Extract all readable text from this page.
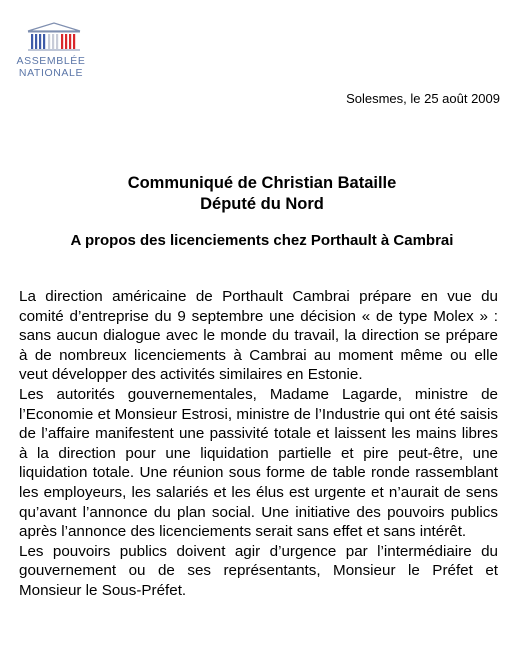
ASSEMBLÉE
NATIONALE
Solesmes, le 25 août 2009
Communiqué de Christian Bataille
Député du Nord
A propos des licenciements chez Porthault à Cambrai

La direction américaine de Porthault Cambrai prépare en vue du comité d’entreprise du 9 septembre une décision « de type Molex » : sans aucun dialogue avec le monde du travail, la direction se prépare à de nombreux licenciements à Cambrai au moment même ou elle veut développer des activités similaires en Estonie.

Les autorités gouvernementales, Madame Lagarde, ministre de l’Economie et Monsieur Estrosi, ministre de l’Industrie qui ont été saisis de l’affaire manifestent une passivité totale et laissent les mains libres à la direction pour une liquidation partielle et pire peut-être, une liquidation totale. Une réunion sous forme de table ronde rassemblant les employeurs, les salariés et les élus est urgente et n’aurait de sens qu’avant l’annonce du plan social. Une initiative des pouvoirs publics après l’annonce des licenciements serait sans effet et sans intérêt.

Les pouvoirs publics doivent agir d’urgence par l’intermédiaire du gouvernement ou de ses représentants, Monsieur le Préfet et Monsieur le Sous-Préfet.
